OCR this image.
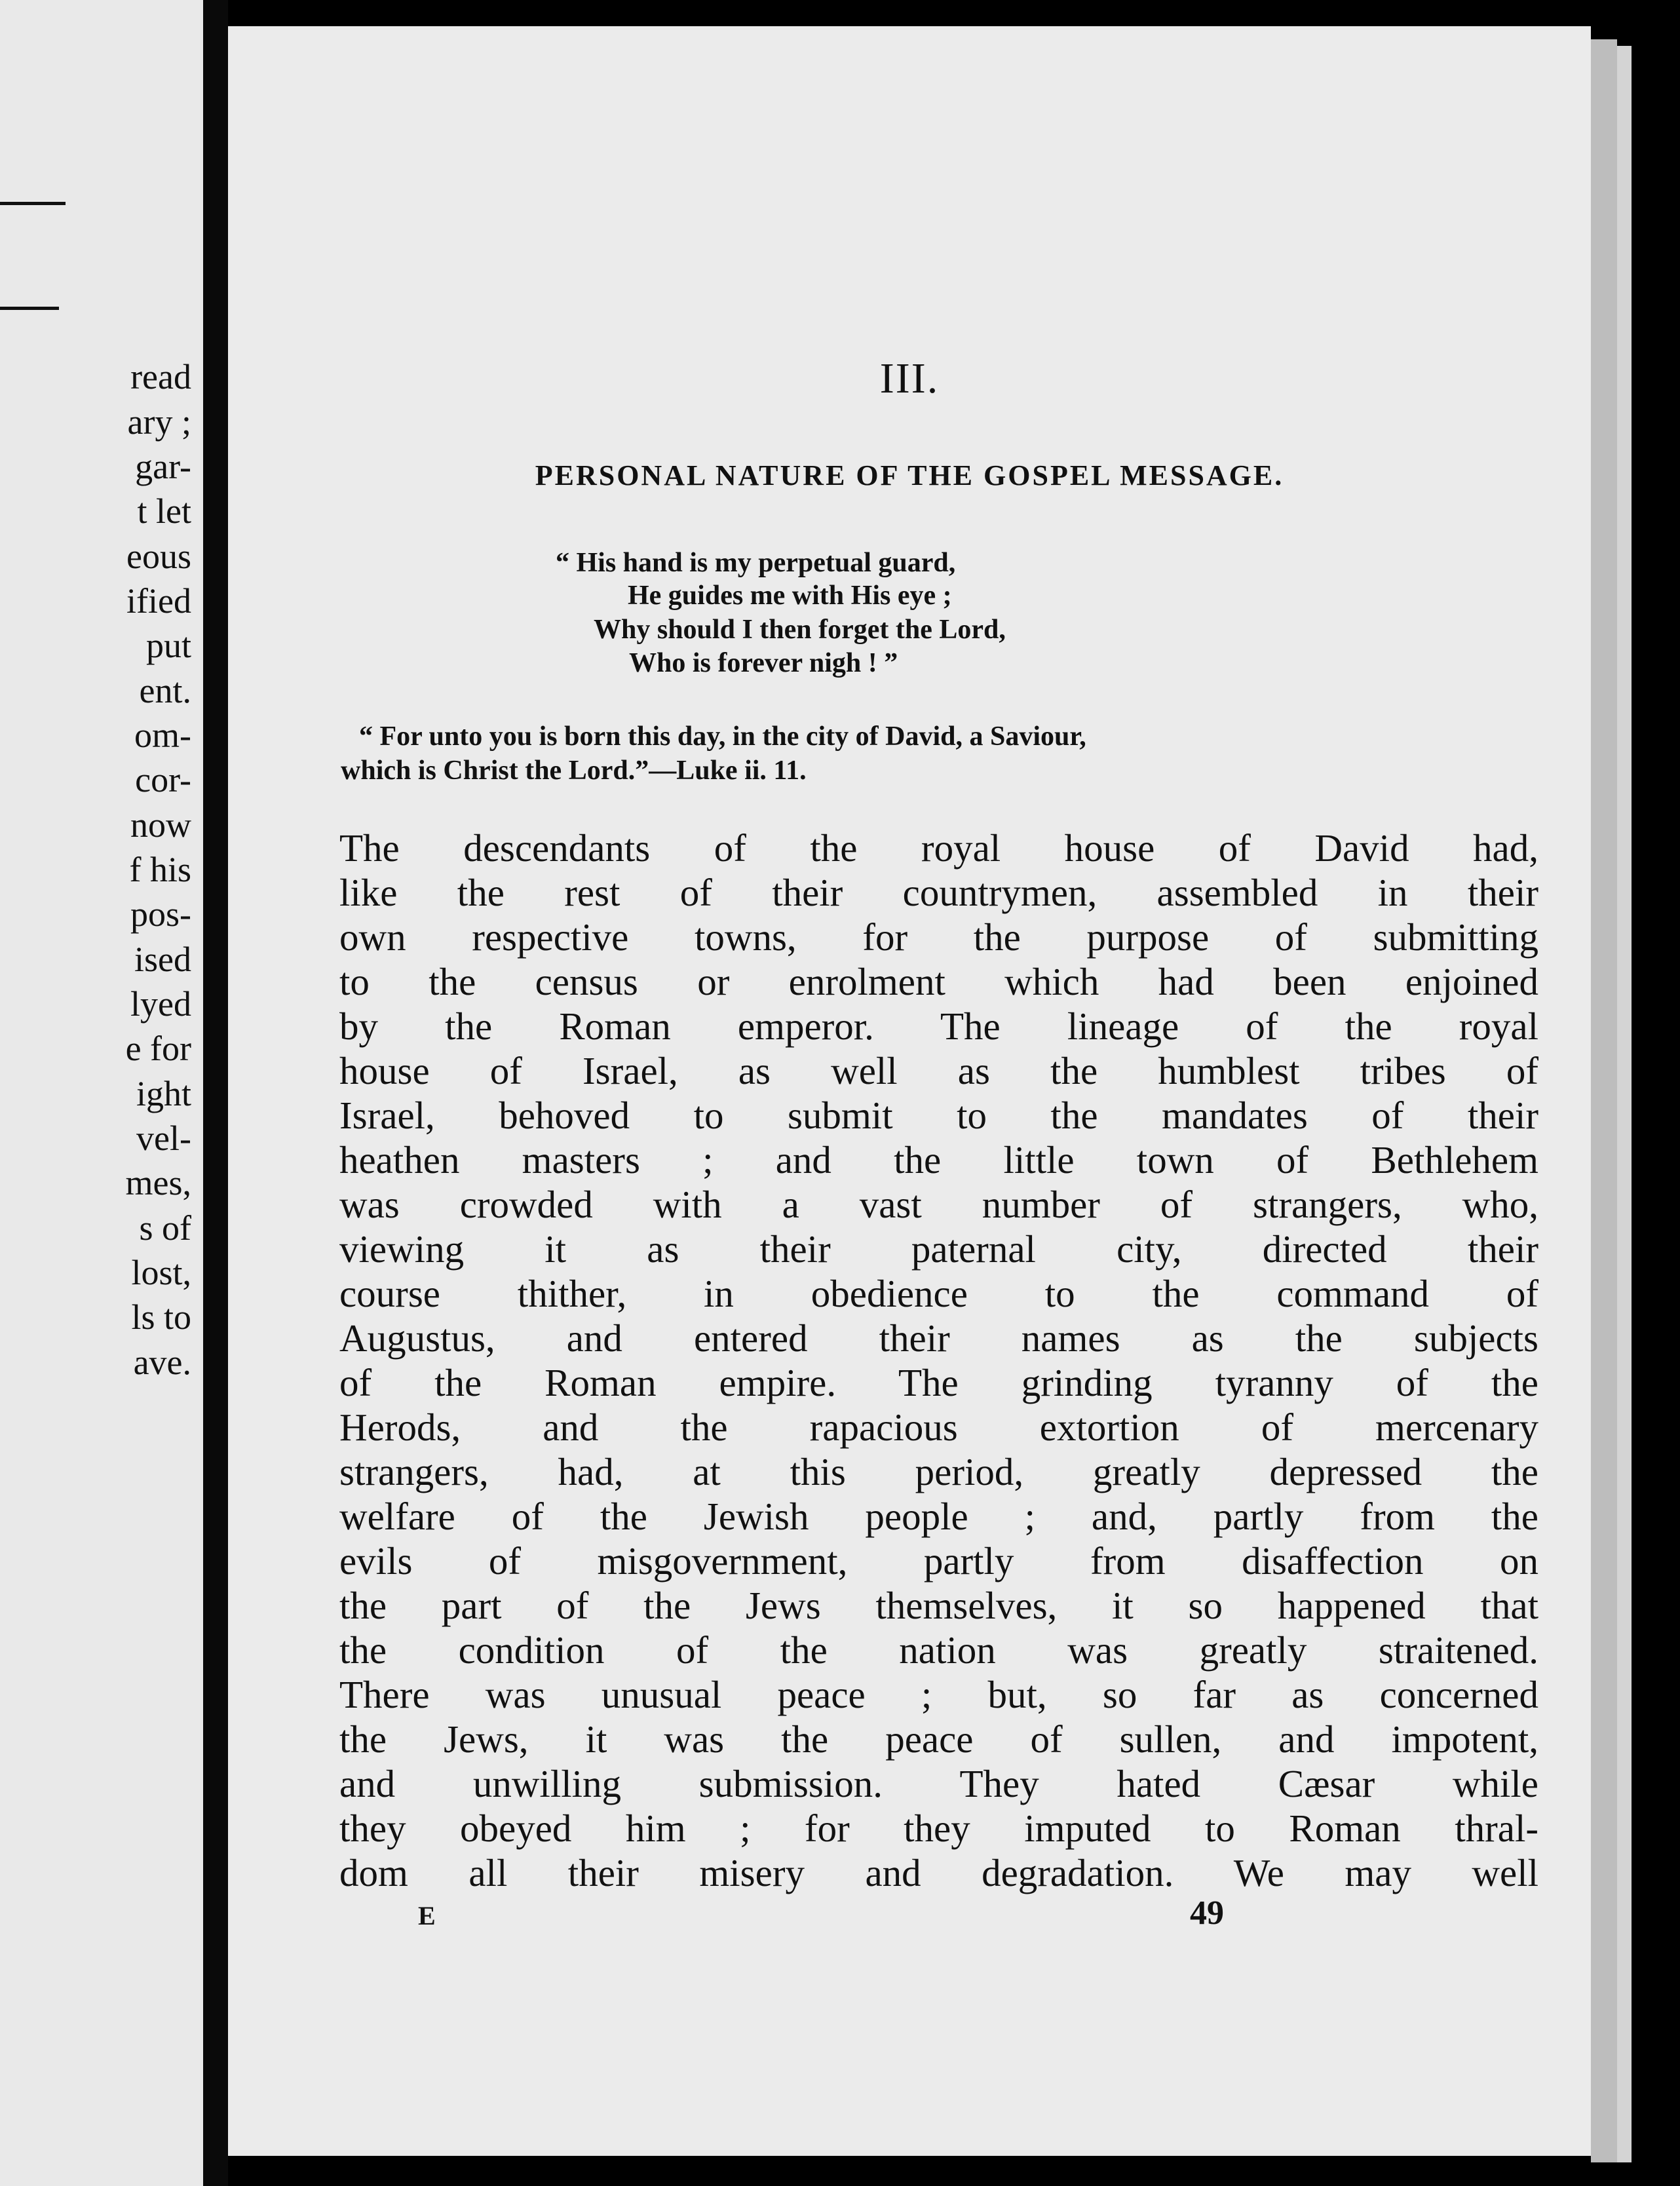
read
ary ;
gar-
t let
eous
ified
put
ent.
om-
cor-
now
f his
pos-
ised
lyed
e for
ight
vel-
mes,
s of
lost,
ls to
ave.
III.
PERSONAL NATURE OF THE GOSPEL MESSAGE.
“ His hand is my perpetual guard,
He guides me with His eye ;
Why should I then forget the Lord,
Who is forever nigh ! ”
“ For unto you is born this day, in the city of David, a Saviour,
which is Christ the Lord.”—Luke ii. 11.
The descendants of the royal house of David had,
like the rest of their countrymen, assembled in their
own respective towns, for the purpose of submitting
to the census or enrolment which had been enjoined
by the Roman emperor. The lineage of the royal
house of Israel, as well as the humblest tribes of
Israel, behoved to submit to the mandates of their
heathen masters ; and the little town of Bethlehem
was crowded with a vast number of strangers, who,
viewing it as their paternal city, directed their
course thither, in obedience to the command of
Augustus, and entered their names as the subjects
of the Roman empire. The grinding tyranny of the
Herods, and the rapacious extortion of mercenary
strangers, had, at this period, greatly depressed the
welfare of the Jewish people ; and, partly from the
evils of misgovernment, partly from disaffection on
the part of the Jews themselves, it so happened that
the condition of the nation was greatly straitened.
There was unusual peace ; but, so far as concerned
the Jews, it was the peace of sullen, and impotent,
and unwilling submission. They hated Cæsar while
they obeyed him ; for they imputed to Roman thral-
dom all their misery and degradation. We may well
E	49
